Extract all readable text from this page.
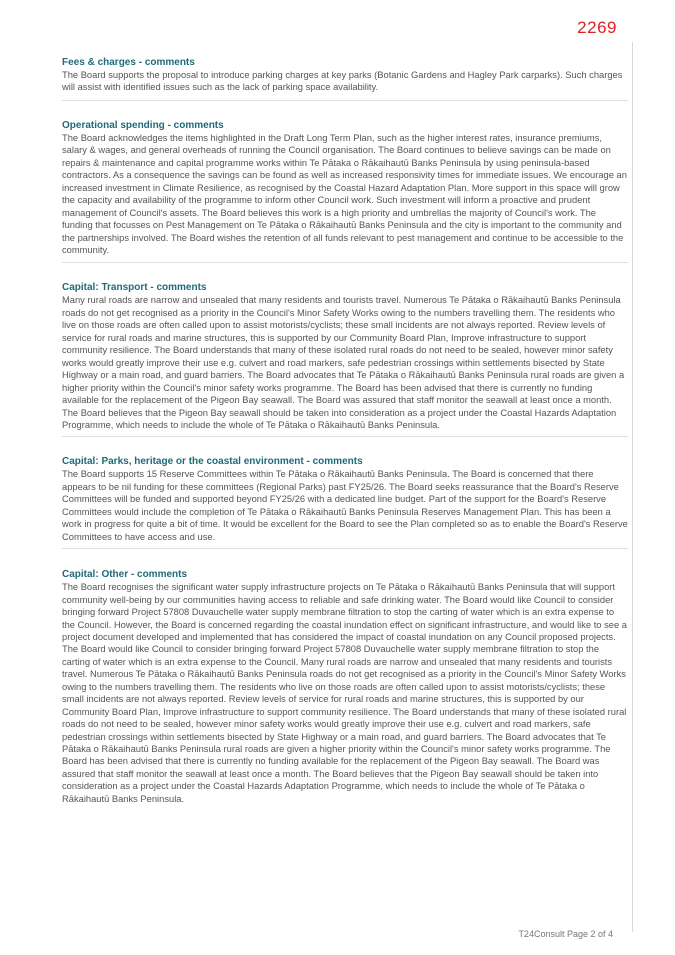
2269

Fees & charges - comments

The Board supports the proposal to introduce parking charges at key parks (Botanic Gardens and Hagley Park carparks). Such charges will assist with identified issues such as the lack of parking space availability.

Operational spending - comments

The Board acknowledges the items highlighted in the Draft Long Term Plan, such as the higher interest rates, insurance premiums, salary & wages, and general overheads of running the Council organisation. The Board continues to believe savings can be made on repairs & maintenance and capital programme works within Te Pātaka o Rākaihautū Banks Peninsula by using peninsula-based contractors. As a consequence the savings can be found as well as increased responsivity times for immediate issues. We encourage an increased investment in Climate Resilience, as recognised by the Coastal Hazard Adaptation Plan. More support in this space will grow the capacity and availability of the programme to inform other Council work. Such investment will inform a proactive and prudent management of Council's assets. The Board believes this work is a high priority and umbrellas the majority of Council's work. The funding that focusses on Pest Management on Te Pātaka o Rākaihautū Banks Peninsula and the city is important to the community and the partnerships involved. The Board wishes the retention of all funds relevant to pest management and continue to be accessible to the community.

Capital: Transport - comments

Many rural roads are narrow and unsealed that many residents and tourists travel. Numerous Te Pātaka o Rākaihautū Banks Peninsula roads do not get recognised as a priority in the Council's Minor Safety Works owing to the numbers travelling them. The residents who live on those roads are often called upon to assist motorists/cyclists; these small incidents are not always reported. Review levels of service for rural roads and marine structures, this is supported by our Community Board Plan, Improve infrastructure to support community resilience. The Board understands that many of these isolated rural roads do not need to be sealed, however minor safety works would greatly improve their use e.g. culvert and road markers, safe pedestrian crossings within settlements bisected by State Highway or a main road, and guard barriers. The Board advocates that Te Pātaka o Rākaihautū Banks Peninsula rural roads are given a higher priority within the Council's minor safety works programme. The Board has been advised that there is currently no funding available for the replacement of the Pigeon Bay seawall. The Board was assured that staff monitor the seawall at least once a month. The Board believes that the Pigeon Bay seawall should be taken into consideration as a project under the Coastal Hazards Adaptation Programme, which needs to include the whole of Te Pātaka o Rākaihautū Banks Peninsula.

Capital: Parks, heritage or the coastal environment - comments

The Board supports 15 Reserve Committees within Te Pātaka o Rākaihautū Banks Peninsula. The Board is concerned that there appears to be nil funding for these committees (Regional Parks) past FY25/26. The Board seeks reassurance that the Board's Reserve Committees will be funded and supported beyond FY25/26 with a dedicated line budget. Part of the support for the Board's Reserve Committees would include the completion of Te Pātaka o Rākaihautū Banks Peninsula Reserves Management Plan. This has been a work in progress for quite a bit of time. It would be excellent for the Board to see the Plan completed so as to enable the Board's Reserve Committees to have access and use.

Capital: Other - comments

The Board recognises the significant water supply infrastructure projects on Te Pātaka o Rākaihautū Banks Peninsula that will support community well-being by our communities having access to reliable and safe drinking water. The Board would like Council to consider bringing forward Project 57808 Duvauchelle water supply membrane filtration to stop the carting of water which is an extra expense to the Council. However, the Board is concerned regarding the coastal inundation effect on significant infrastructure, and would like to see a project document developed and implemented that has considered the impact of coastal inundation on any Council proposed projects. The Board would like Council to consider bringing forward Project 57808 Duvauchelle water supply membrane filtration to stop the carting of water which is an extra expense to the Council. Many rural roads are narrow and unsealed that many residents and tourists travel. Numerous Te Pātaka o Rākaihautū Banks Peninsula roads do not get recognised as a priority in the Council's Minor Safety Works owing to the numbers travelling them. The residents who live on those roads are often called upon to assist motorists/cyclists; these small incidents are not always reported. Review levels of service for rural roads and marine structures, this is supported by our Community Board Plan, Improve infrastructure to support community resilience. The Board understands that many of these isolated rural roads do not need to be sealed, however minor safety works would greatly improve their use e.g. culvert and road markers, safe pedestrian crossings within settlements bisected by State Highway or a main road, and guard barriers. The Board advocates that Te Pātaka o Rākaihautū Banks Peninsula rural roads are given a higher priority within the Council's minor safety works programme. The Board has been advised that there is currently no funding available for the replacement of the Pigeon Bay seawall. The Board was assured that staff monitor the seawall at least once a month. The Board believes that the Pigeon Bay seawall should be taken into consideration as a project under the Coastal Hazards Adaptation Programme, which needs to include the whole of Te Pātaka o Rākaihautū Banks Peninsula.

T24Consult Page 2 of 4
